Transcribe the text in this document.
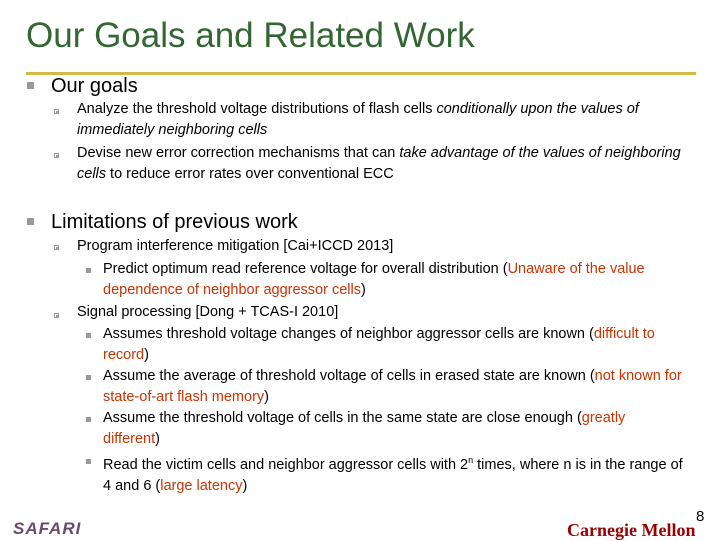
Our Goals and Related Work
Our goals
Analyze the threshold voltage distributions of flash cells conditionally upon the values of immediately neighboring cells
Devise new error correction mechanisms that can take advantage of the values of neighboring cells to reduce error rates over conventional ECC
Limitations of previous work
Program interference mitigation [Cai+ICCD 2013]
Predict optimum read reference voltage for overall distribution (Unaware of the value dependence of neighbor aggressor cells)
Signal processing [Dong + TCAS-I 2010]
Assumes threshold voltage changes of neighbor aggressor cells are known (difficult to record)
Assume the average of threshold voltage of cells in erased state are known (not known for state-of-art flash memory)
Assume the threshold voltage of cells in the same state are close enough (greatly different)
Read the victim cells and neighbor aggressor cells with 2$^n$ times, where n is in the range of 4 and 6 (large latency)
SAFARI	Carnegie Mellon
8
